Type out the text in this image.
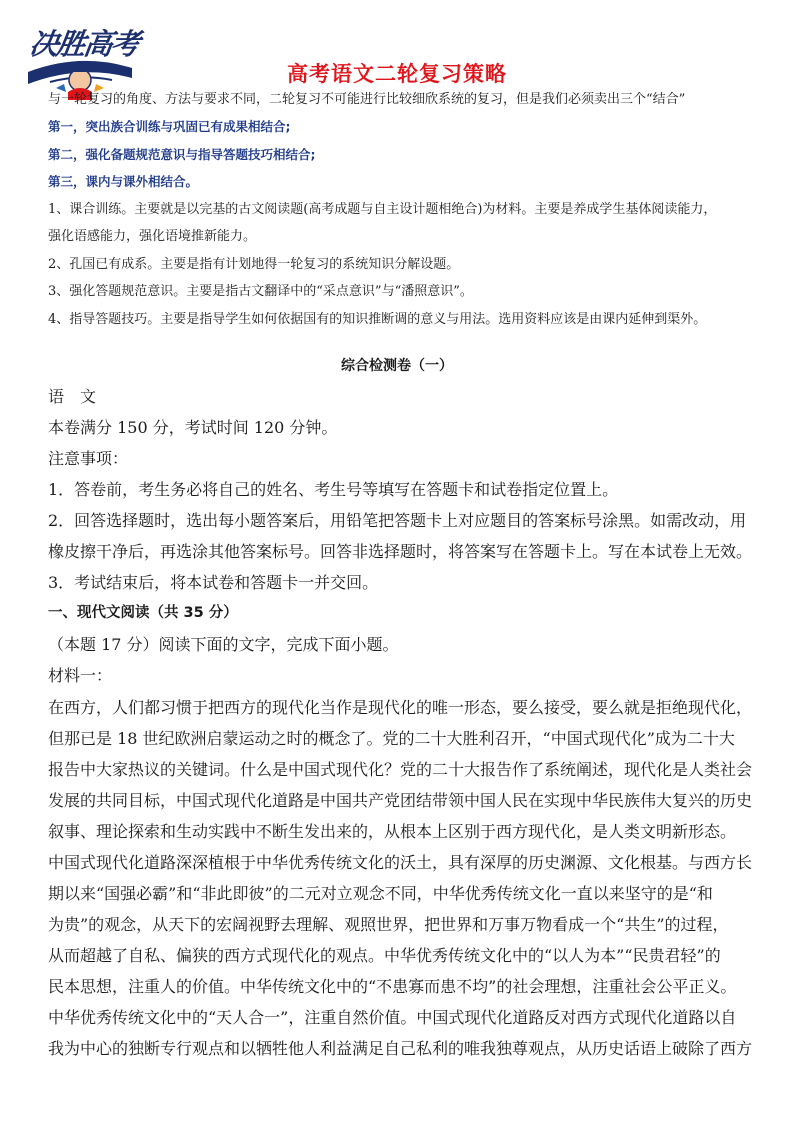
决胜高考
高考语文二轮复习策略
与一轮复习的角度、方法与要求不同，二轮复习不可能进行比较细欣系统的复习，但是我们必须卖出三个“结合”
第一，突出族合训练与巩固已有成果相结合;
第二，强化备题规范意识与指导答题技巧相结合;
第三，课内与课外相结合。
1、课合训练。主要就是以完基的古文阅读题(高考成题与自主设计题相绝合)为材料。主要是养成学生基体阅读能力，
强化语感能力，强化语境推新能力。
2、孔国已有成系。主要是指有计划地得一轮复习的系统知识分解设题。
3、强化答题规范意识。主要是指古文翻译中的“采点意识”与“潘照意识”。
4、指导答题技巧。主要是指导学生如何依据国有的知识推断调的意义与用法。选用资料应该是由课内延伸到渠外。
综合检测卷（一）
语　文
本卷满分 150 分，考试时间 120 分钟。
注意事项：
1．答卷前，考生务必将自己的姓名、考生号等填写在答题卡和试卷指定位置上。
2．回答选择题时，选出每小题答案后，用铅笔把答题卡上对应题目的答案标号涂黑。如需改动，用
橡皮擦干净后，再选涂其他答案标号。回答非选择题时，将答案写在答题卡上。写在本试卷上无效。
3．考试结束后，将本试卷和答题卡一并交回。
一、现代文阅读（共 35 分）
（本题 17 分）阅读下面的文字，完成下面小题。
材料一：
在西方，人们都习惯于把西方的现代化当作是现代化的唯一形态，要么接受，要么就是拒绝现代化，
但那已是 18 世纪欧洲启蒙运动之时的概念了。党的二十大胜利召开，“中国式现代化”成为二十大
报告中大家热议的关键词。什么是中国式现代化？党的二十大报告作了系统阐述，现代化是人类社会
发展的共同目标，中国式现代化道路是中国共产党团结带领中国人民在实现中华民族伟大复兴的历史
叙事、理论探索和生动实践中不断生发出来的，从根本上区别于西方现代化，是人类文明新形态。
中国式现代化道路深深植根于中华优秀传统文化的沃土，具有深厚的历史渊源、文化根基。与西方长
期以来“国强必霸”和“非此即彼”的二元对立观念不同，中华优秀传统文化一直以来坚守的是“和
为贵”的观念，从天下的宏阔视野去理解、观照世界，把世界和万事万物看成一个“共生”的过程，
从而超越了自私、偏狭的西方式现代化的观点。中华优秀传统文化中的“以人为本”“民贵君轻”的
民本思想，注重人的价值。中华传统文化中的“不患寡而患不均”的社会理想，注重社会公平正义。
中华优秀传统文化中的“天人合一”，注重自然价值。中国式现代化道路反对西方式现代化道路以自
我为中心的独断专行观点和以牺牲他人利益满足自己私利的唯我独尊观点，从历史话语上破除了西方
